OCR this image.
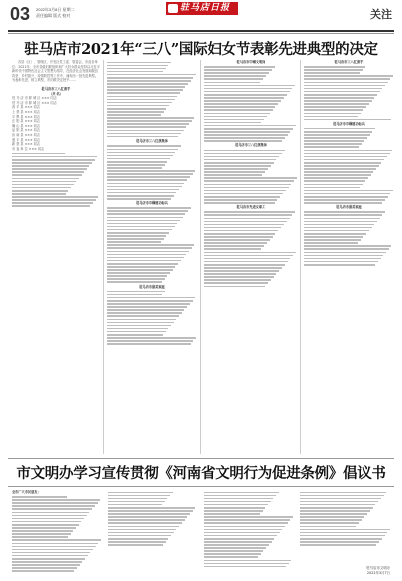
03 2022年3月8日 星期二
责任编辑 版式 校对
驻马店日报	关注
驻马店市2021年“三八”国际妇女节表彰先进典型的决定
各县（区）、管理区、开发区党工委、管委会，市直各单位：2021年，全市各级妇联组织和广大妇女群众坚持以习近平新时代中国特色社会主义思想为指导，在经济社会发展和脱贫攻坚、乡村振兴、疫情防控等工作中，涌现出一批先进典型。为表彰先进、树立典型，市妇联决定授予……
驻马店市三八红旗手
（共 名）
驻 马 店 市 驿 城 区 ××× 同志
驻 马 店 市 驿 城 区 ××× 同志
西 平 县 ××× 同志
上 蔡 县 ××× 同志
平 舆 县 ××× 同志
正 阳 县 ××× 同志
确 山 县 ××× 同志
泌 阳 县 ××× 同志
汝 南 县 ××× 同志
遂 平 县 ××× 同志
新 蔡 县 ××× 同志
市 直 单 位 ××× 同志
驻马店市三八红旗集体
驻马店市巾帼建功标兵
驻马店市最美家庭
驻马店市巾帼文明岗
驻马店市三八红旗集体
驻马店市先进女职工
驻马店市三八红旗手
驻马店市巾帼建功标兵
驻马店市最美家庭
市文明办学习宣传贯彻《河南省文明行为促进条例》倡议书
全市广大市民朋友：
驻马店市文明办
2022年3月7日
